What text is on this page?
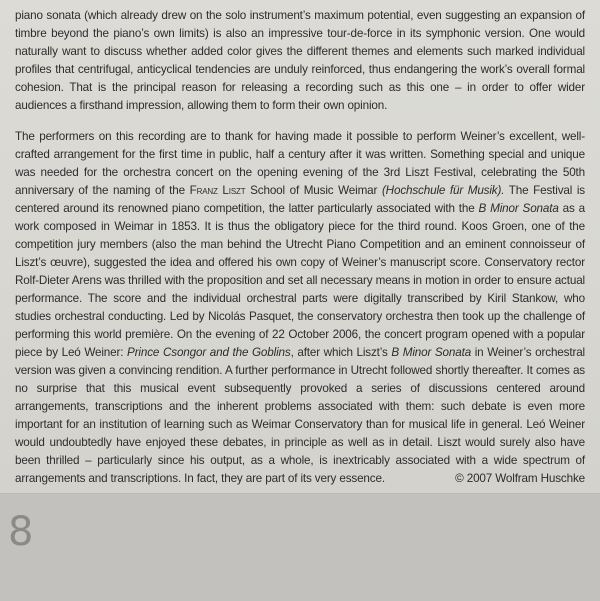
piano sonata (which already drew on the solo instrument’s maximum potential, even suggesting an expansion of timbre beyond the piano’s own limits) is also an impressive tour-de-force in its symphonic version. One would naturally want to discuss whether added color gives the different themes and elements such marked individual profiles that centrifugal, anticyclical tendencies are unduly reinforced, thus endangering the work’s overall formal cohesion. That is the principal reason for releasing a recording such as this one – in order to offer wider audiences a firsthand impression, allowing them to form their own opinion.

The performers on this recording are to thank for having made it possible to perform Weiner’s excellent, well-crafted arrangement for the first time in public, half a century after it was written. Something special and unique was needed for the orchestra concert on the opening evening of the 3rd Liszt Festival, celebrating the 50th anniversary of the naming of the Franz Liszt School of Music Weimar (Hochschule für Musik). The Festival is centered around its renowned piano competition, the latter particularly associated with the B Minor Sonata as a work composed in Weimar in 1853. It is thus the obligatory piece for the third round. Koos Groen, one of the competition jury members (also the man behind the Utrecht Piano Competition and an eminent connoisseur of Liszt’s œuvre), suggested the idea and offered his own copy of Weiner’s manuscript score. Conservatory rector Rolf-Dieter Arens was thrilled with the proposition and set all necessary means in motion in order to ensure actual performance. The score and the individual orchestral parts were digitally transcribed by Kiril Stankow, who studies orchestral conducting. Led by Nicolás Pasquet, the conservatory orchestra then took up the challenge of performing this world première. On the evening of 22 October 2006, the concert program opened with a popular piece by Leó Weiner: Prince Csongor and the Goblins, after which Liszt’s B Minor Sonata in Weiner’s orchestral version was given a convincing rendition. A further performance in Utrecht followed shortly thereafter. It comes as no surprise that this musical event subsequently provoked a series of discussions centered around arrangements, transcriptions and the inherent problems associated with them: such debate is even more important for an institution of learning such as Weimar Conservatory than for musical life in general. Leó Weiner would undoubtedly have enjoyed these debates, in principle as well as in detail. Liszt would surely also have been thrilled – particularly since his output, as a whole, is inextricably associated with a wide spectrum of arrangements and transcriptions. In fact, they are part of its very essence.	© 2007 Wolfram Huschke
8
